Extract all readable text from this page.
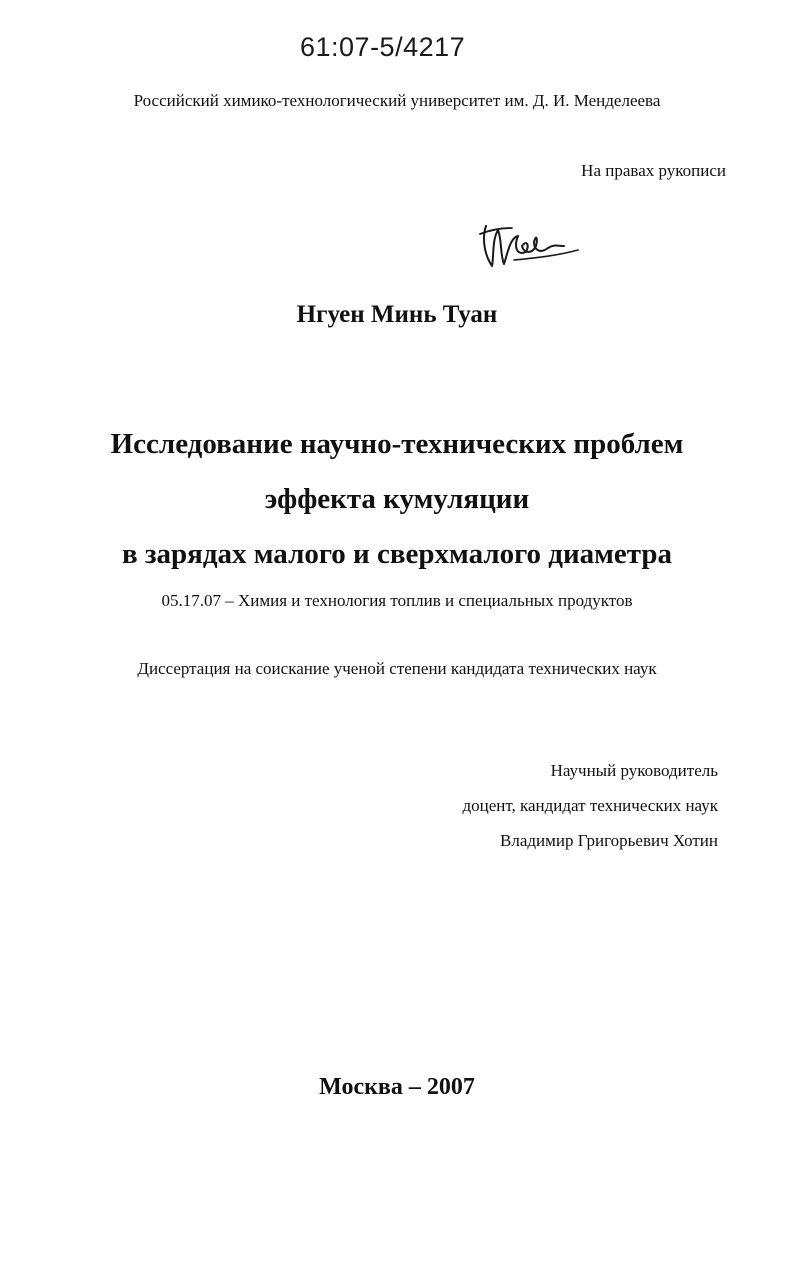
61:07-5/4217
Российский химико-технологический университет им. Д. И. Менделеева
На правах рукописи
Нгуен Минь Туан
Исследование научно-технических проблем
эффекта кумуляции
в зарядах малого и сверхмалого диаметра
05.17.07 – Химия и технология топлив и специальных продуктов
Диссертация на соискание ученой степени кандидата технических наук
Научный руководитель
доцент, кандидат технических наук
Владимир Григорьевич Хотин
Москва – 2007
